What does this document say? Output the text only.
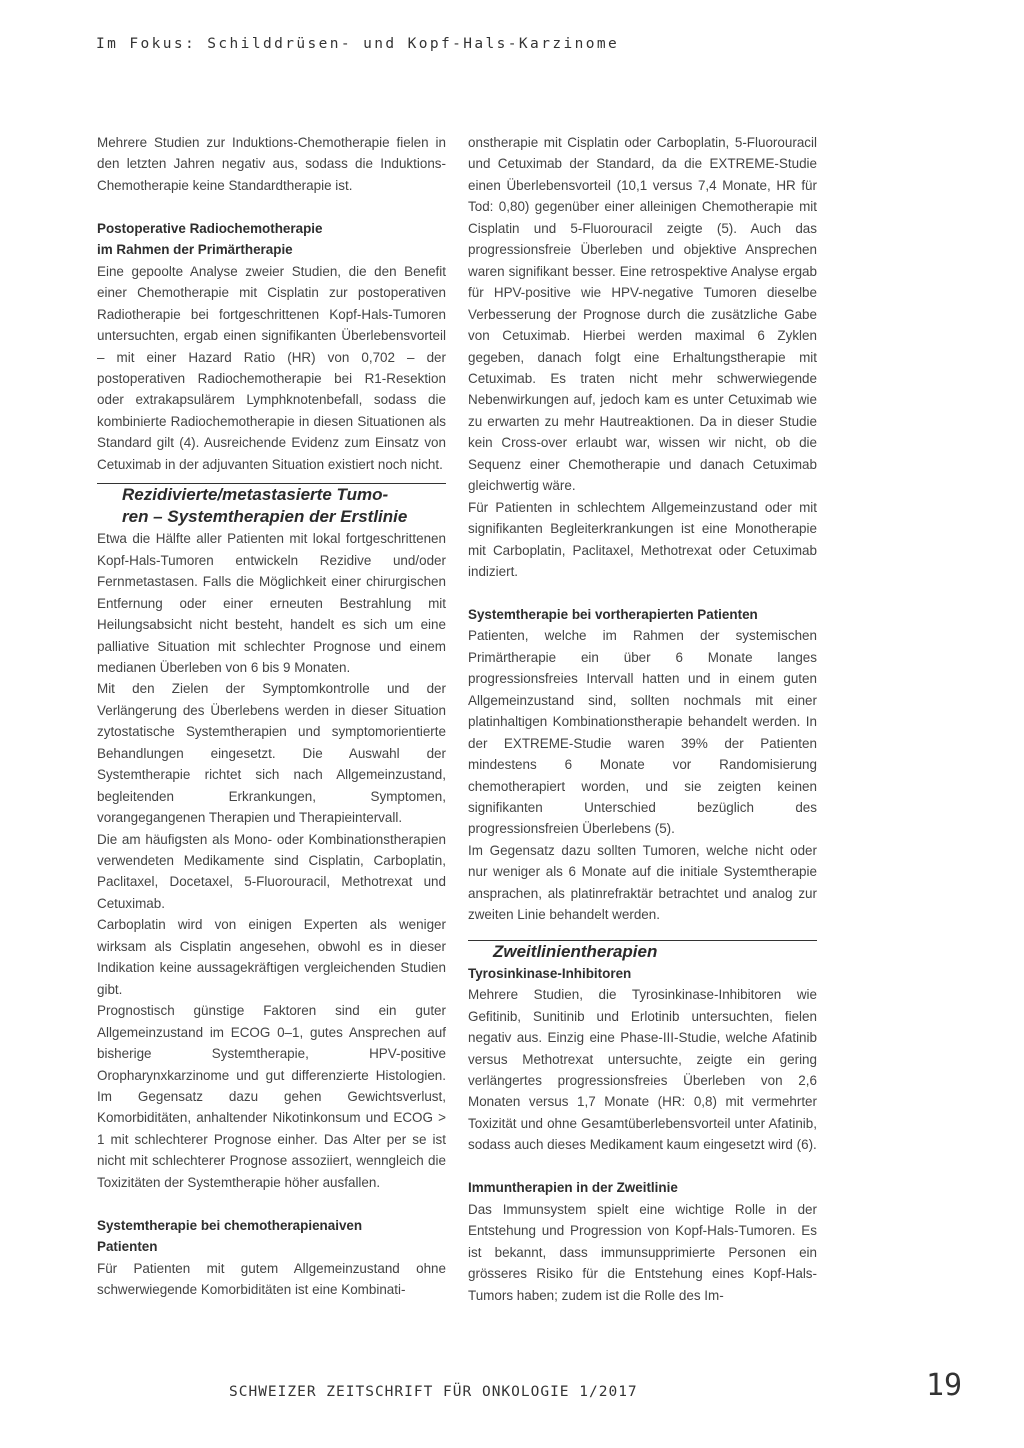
Im Fokus: Schilddrüsen- und Kopf-Hals-Karzinome

Mehrere Studien zur Induktions-Chemotherapie fielen in den letzten Jahren negativ aus, sodass die Induktions-Chemotherapie keine Standardtherapie ist.

Postoperative Radiochemotherapie

im Rahmen der Primärtherapie

Eine gepoolte Analyse zweier Studien, die den Benefit einer Chemotherapie mit Cisplatin zur postoperativen Radiotherapie bei fortgeschrittenen Kopf-Hals-Tumoren untersuchten, ergab einen signifikanten Überlebensvorteil – mit einer Hazard Ratio (HR) von 0,702 – der postoperativen Radiochemotherapie bei R1-Resektion oder extrakapsulärem Lymphknotenbefall, sodass die kombinierte Radiochemotherapie in diesen Situationen als Standard gilt (4). Ausreichende Evidenz zum Einsatz von Cetuximab in der adjuvanten Situation existiert noch nicht.

Rezidivierte/metastasierte Tumo-

ren – Systemtherapien der Erstlinie

Etwa die Hälfte aller Patienten mit lokal fortgeschrittenen Kopf-Hals-Tumoren entwickeln Rezidive und/oder Fernmetastasen. Falls die Möglichkeit einer chirurgischen Entfernung oder einer erneuten Bestrahlung mit Heilungsabsicht nicht besteht, handelt es sich um eine palliative Situation mit schlechter Prognose und einem medianen Überleben von 6 bis 9 Monaten.

Mit den Zielen der Symptomkontrolle und der Verlängerung des Überlebens werden in dieser Situation zytostatische Systemtherapien und symptomorientierte Behandlungen eingesetzt. Die Auswahl der Systemtherapie richtet sich nach Allgemeinzustand, begleitenden Erkrankungen, Symptomen, vorangegangenen Therapien und Therapieintervall.

Die am häufigsten als Mono- oder Kombinationstherapien verwendeten Medikamente sind Cisplatin, Carboplatin, Paclitaxel, Docetaxel, 5-Fluorouracil, Methotrexat und Cetuximab.

Carboplatin wird von einigen Experten als weniger wirksam als Cisplatin angesehen, obwohl es in dieser Indikation keine aussagekräftigen vergleichenden Studien gibt.

Prognostisch günstige Faktoren sind ein guter Allgemeinzustand im ECOG 0–1, gutes Ansprechen auf bisherige Systemtherapie, HPV-positive Oropharynxkarzinome und gut differenzierte Histologien. Im Gegensatz dazu gehen Gewichtsverlust, Komorbiditäten, anhaltender Nikotinkonsum und ECOG > 1 mit schlechterer Prognose einher. Das Alter per se ist nicht mit schlechterer Prognose assoziiert, wenngleich die Toxizitäten der Systemtherapie höher ausfallen.

Systemtherapie bei chemotherapienaiven

Patienten

Für Patienten mit gutem Allgemeinzustand ohne schwerwiegende Komorbiditäten ist eine Kombinati-

onstherapie mit Cisplatin oder Carboplatin, 5-Fluorouracil und Cetuximab der Standard, da die EXTREME-Studie einen Überlebensvorteil (10,1 versus 7,4 Monate, HR für Tod: 0,80) gegenüber einer alleinigen Chemotherapie mit Cisplatin und 5-Fluorouracil zeigte (5). Auch das progressionsfreie Überleben und objektive Ansprechen waren signifikant besser. Eine retrospektive Analyse ergab für HPV-positive wie HPV-negative Tumoren dieselbe Verbesserung der Prognose durch die zusätzliche Gabe von Cetuximab. Hierbei werden maximal 6 Zyklen gegeben, danach folgt eine Erhaltungstherapie mit Cetuximab. Es traten nicht mehr schwerwiegende Nebenwirkungen auf, jedoch kam es unter Cetuximab wie zu erwarten zu mehr Hautreaktionen. Da in dieser Studie kein Cross-over erlaubt war, wissen wir nicht, ob die Sequenz einer Chemotherapie und danach Cetuximab gleichwertig wäre.

Für Patienten in schlechtem Allgemeinzustand oder mit signifikanten Begleiterkrankungen ist eine Monotherapie mit Carboplatin, Paclitaxel, Methotrexat oder Cetuximab indiziert.

Systemtherapie bei vortherapierten Patienten

Patienten, welche im Rahmen der systemischen Primärtherapie ein über 6 Monate langes progressionsfreies Intervall hatten und in einem guten Allgemeinzustand sind, sollten nochmals mit einer platinhaltigen Kombinationstherapie behandelt werden. In der EXTREME-Studie waren 39% der Patienten mindestens 6 Monate vor Randomisierung chemotherapiert worden, und sie zeigten keinen signifikanten Unterschied bezüglich des progressionsfreien Überlebens (5).

Im Gegensatz dazu sollten Tumoren, welche nicht oder nur weniger als 6 Monate auf die initiale Systemtherapie ansprachen, als platinrefraktär betrachtet und analog zur zweiten Linie behandelt werden.

Zweitlinientherapien

Tyrosinkinase-Inhibitoren

Mehrere Studien, die Tyrosinkinase-Inhibitoren wie Gefitinib, Sunitinib und Erlotinib untersuchten, fielen negativ aus. Einzig eine Phase-III-Studie, welche Afatinib versus Methotrexat untersuchte, zeigte ein gering verlängertes progressionsfreies Überleben von 2,6 Monaten versus 1,7 Monate (HR: 0,8) mit vermehrter Toxizität und ohne Gesamtüberlebensvorteil unter Afatinib, sodass auch dieses Medikament kaum eingesetzt wird (6).

Immuntherapien in der Zweitlinie

Das Immunsystem spielt eine wichtige Rolle in der Entstehung und Progression von Kopf-Hals-Tumoren. Es ist bekannt, dass immunsupprimierte Personen ein grösseres Risiko für die Entstehung eines Kopf-Hals-Tumors haben; zudem ist die Rolle des Im-

SCHWEIZER ZEITSCHRIFT FÜR ONKOLOGIE 1/2017	19
